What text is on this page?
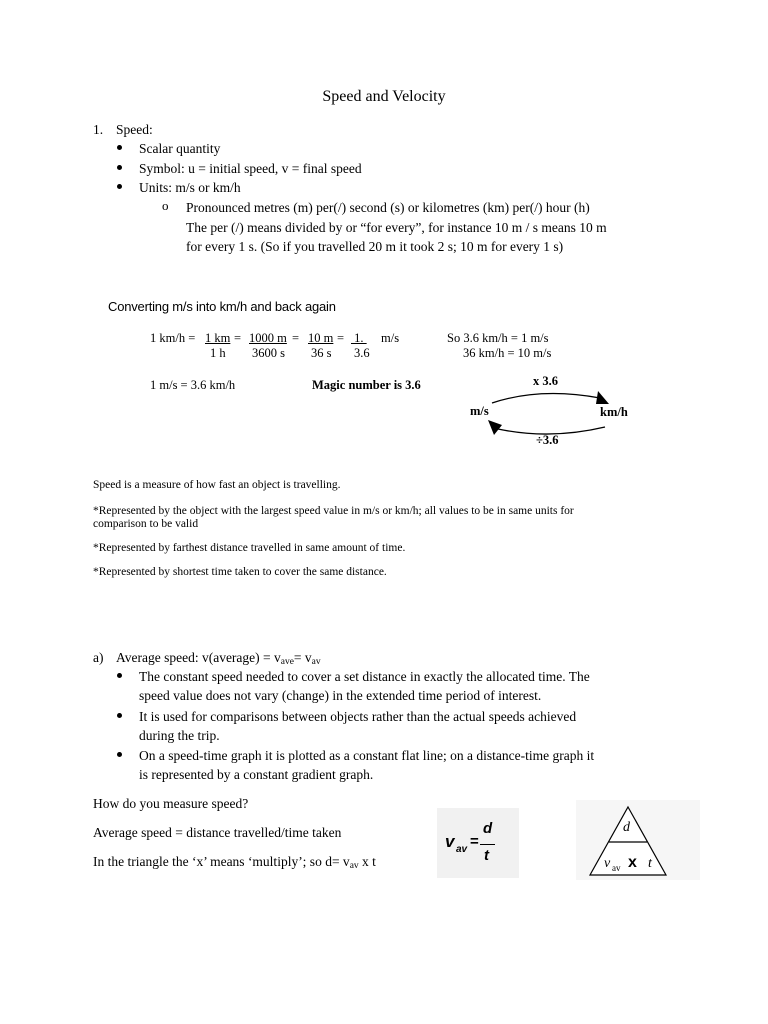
Speed and Velocity
1. Speed:
Scalar quantity
Symbol: u = initial speed, v = final speed
Units: m/s or km/h
o Pronounced metres (m) per(/) second (s) or kilometres (km) per(/) hour (h)
The per (/) means divided by or “for every”, for instance 10 m / s means 10 m
for every 1 s. (So if you travelled 20 m it took 2 s; 10 m for every 1 s)
Converting m/s into km/h and back again
1 km/h = 1 km
1 h
= 1000 m
3600 s
= 10 m
36 s
= 1.
3.6
m/s	So 3.6 km/h = 1 m/s
36 km/h = 10 m/s
1 m/s = 3.6 km/h	Magic number is 3.6	x 3.6
m/s	km/h
÷3.6
Speed is a measure of how fast an object is travelling.
*Represented by the object with the largest speed value in m/s or km/h; all values to be in same units for
comparison to be valid
*Represented by farthest distance travelled in same amount of time.
*Represented by shortest time taken to cover the same distance.
a) Average speed: v(average) = $v_{ave}= v_{av}$
The constant speed needed to cover a set distance in exactly the allocated time. The
speed value does not vary (change) in the extended time period of interest.
It is used for comparisons between objects rather than the actual speeds achieved
during the trip.
On a speed-time graph it is plotted as a constant flat line; on a distance-time graph it
is represented by a constant gradient graph.
How do you measure speed?
Average speed = distance travelled/time taken
In the triangle the ‘x’ means ‘multiply’; so $d= v_{av}$ x t
v av =
d
t
d
v av x t
